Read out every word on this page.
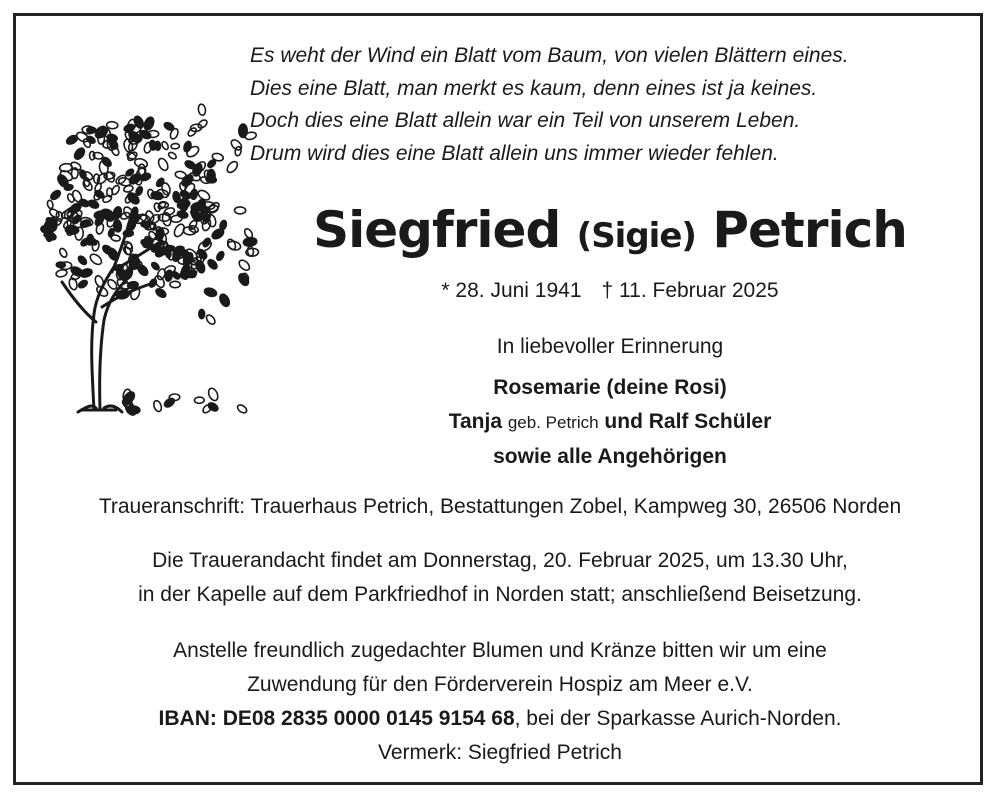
Es weht der Wind ein Blatt vom Baum, von vielen Blättern eines.
Dies eine Blatt, man merkt es kaum, denn eines ist ja keines.
Doch dies eine Blatt allein war ein Teil von unserem Leben.
Drum wird dies eine Blatt allein uns immer wieder fehlen.
Siegfried (Sigie) Petrich
* 28. Juni 1941 † 11. Februar 2025
In liebevoller Erinnerung
Rosemarie (deine Rosi)
Tanja geb. Petrich und Ralf Schüler
sowie alle Angehörigen
Traueranschrift: Trauerhaus Petrich, Bestattungen Zobel, Kampweg 30, 26506 Norden
Die Trauerandacht findet am Donnerstag, 20. Februar 2025, um 13.30 Uhr,
in der Kapelle auf dem Parkfriedhof in Norden statt; anschließend Beisetzung.
Anstelle freundlich zugedachter Blumen und Kränze bitten wir um eine
Zuwendung für den Förderverein Hospiz am Meer e.V.
IBAN: DE08 2835 0000 0145 9154 68, bei der Sparkasse Aurich-Norden.
Vermerk: Siegfried Petrich
